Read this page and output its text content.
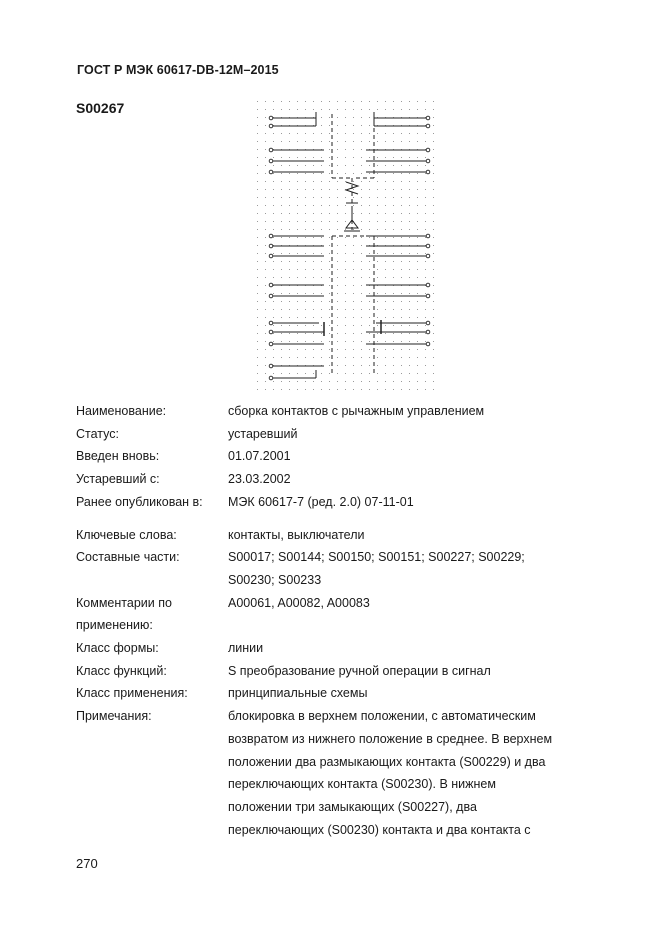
ГОСТ Р МЭК 60617-DB-12M–2015
S00267
Наименование:	сборка контактов с рычажным управлением
Статус:	устаревший
Введен вновь:	01.07.2001
Устаревший с:	23.03.2002
Ранее опубликован в:	МЭК 60617-7 (ред. 2.0) 07-11-01
Ключевые слова:	контакты, выключатели
Составные части:	S00017; S00144; S00150; S00151; S00227; S00229;
S00230; S00233
Комментарии по	A00061, A00082, A00083
применению:
Класс формы:	линии
Класс функций:	S преобразование ручной операции в сигнал
Класс применения:	принципиальные схемы
Примечания:	блокировка в верхнем положении, с автоматическим
возвратом из нижнего положение в среднее. В верхнем
положении два размыкающих контакта (S00229) и два
переключающих контакта (S00230). В нижнем
положении три замыкающих (S00227), два
переключающих (S00230) контакта и два контакта с
270
